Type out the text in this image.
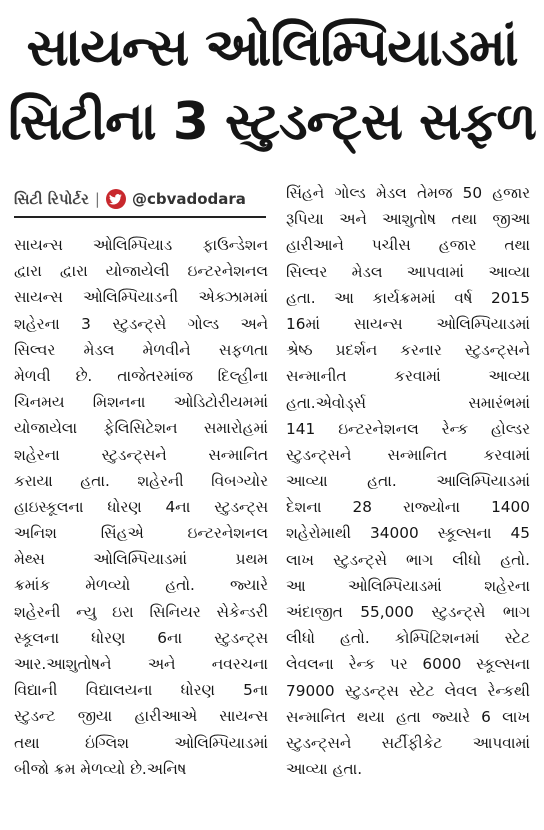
સાયન્સ ઓલિમ્પિયાડમાં
સિટીના 3 સ્ટુડન્ટ્સ સફળ
સિટી રિપોર્ટર | @cbvadodara
સાયન્સ ઓલિમ્પિયાડ ફાઉન્ડેશન
દ્વારા દ્વારા યોજાયેલી ઇન્ટરનેશનલ
સાયન્સ ઓલિમ્પિયાડની એક્ઝામમાં
શહેરના 3 સ્ટુડન્ટ્સે ગોલ્ડ અને
સિલ્વર મેડલ મેળવીને સફળતા
મેળવી છે. તાજેતરમાંજ દિલ્હીના
ચિનમય મિશનના ઓડિટોરીયમમાં
યોજાયેલા ફેલિસિટેશન સમારોહમાં
શહેરના સ્ટુડન્ટ્સને સન્માનિત
કરાયા હતા. શહેરની વિબગ્યોર
હાઇસ્કૂલના ધોરણ 4ના સ્ટુડન્ટ્સ
અનિશ સિંહએ ઇન્ટરનેશનલ
મેથ્સ ઓલિમ્પિયાડમાં પ્રથમ
ક્રમાંક મેળવ્યો હતો. જ્યારે
શહેરની ન્યુ ઇરા સિનિયર સેકેન્ડરી
સ્કૂલના ધોરણ 6ના સ્ટુડન્ટ્સ
આર.આશુતોષને અને નવરચના
વિદ્યાની વિદ્યાલયના ધોરણ 5ના
સ્ટુડન્ટ જીયા હારીઆએ સાયન્સ
તથા ઇંગ્લિશ ઓલિમ્પિયાડમાં
બીજો ક્રમ મેળવ્યો છે.અનિષ
સિંહને ગોલ્ડ મેડલ તેમજ 50 હજાર
રૂપિયા અને આશુતોષ તથા જીઆ
હારીઆને પચીસ હજાર તથા
સિલ્વર મેડલ આપવામાં આવ્યા
હતા. આ કાર્યક્રમમાં વર્ષ 2015
16માં સાયન્સ ઓલિમ્પિયાડમાં
શ્રેષ્ઠ પ્રદર્શન કરનાર સ્ટુડન્ટ્સને
સન્માનીત કરવામાં આવ્યા
હતા.એવોર્ડ્સ સમારંભમાં
141 ઇન્ટરનેશનલ રેન્ક હોલ્ડર
સ્ટુડન્ટ્સને સન્માનિત કરવામાં
આવ્યા હતા. આલિમ્પિયાડમાં
દેશના 28 રાજ્યોના 1400
શહેરોમાથી 34000 સ્કૂલ્સના 45
લાખ સ્ટુડન્ટ્સે ભાગ લીધો હતો.
આ ઓલિમ્પિયાડમાં શહેરના
અંદાજીત 55,000 સ્ટુડન્ટ્સે ભાગ
લીધો હતો. કોમ્પિટિશનમાં સ્ટેટ
લેવલના રેન્ક પર 6000 સ્કૂલ્સના
79000 સ્ટુડન્ટ્સ સ્ટેટ લેવલ રેન્કથી
સન્માનિત થયા હતા જ્યારે 6 લાખ
સ્ટુડન્ટ્સને સર્ટીફીકેટ આપવામાં
આવ્યા હતા.
